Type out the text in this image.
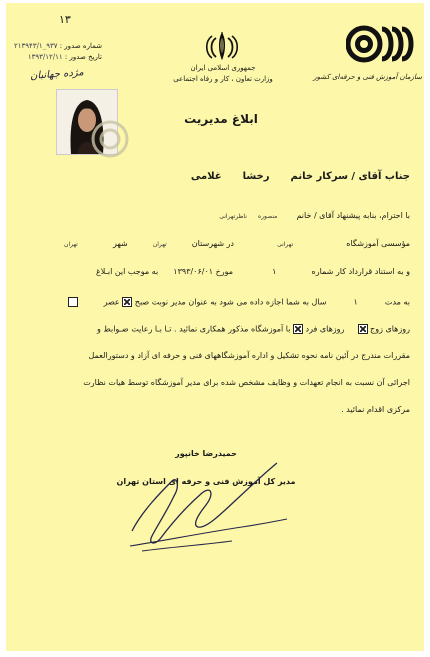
١٣
شماره صدور : ۹۳۷_۲۱۳۹۴۳/۱
تاریخ صدور : ۱۳۹۳/۱۲/۱۱
مژده جهانبان	جمهوری اسلامی ایران
وزارت تعاون ، کار و رفاه اجتماعی	سازمان آموزش فنی و حرفه‌ای کشور
ابلاغ مدیریت
جناب آقای / سرکار خانم  رخشا  غلامی
با احترام، بنابه پیشنهاد آقای / خانم  منصوره  ناظرتهرانی
مؤسسی آموزشگاه  تهرانی  در شهرستان  تهران  شهر  تهران
و به استناد قرارداد کار شماره  ۱  مورخ ۱۳۹۳/۰۶/۰۱  به موجب این ابـلاغ
به مدت  ۱  سال به شما اجازه داده می شود به عنوان مدیر نوبت صبح  عصر
روزهای زوج   روزهای فرد  با آموزشگاه مذکور همکاری نمائید . تـا بـا رعایت ضـوابط و
مقررات مندرج در آئین نامه نحوه تشکیل و اداره آموزشگاههای فنی و حرفه ای آزاد و دستورالعمل
اجرائی آن نسبت به انجام تعهدات و وظایف مشخص شده برای مدیر آموزشگاه توسط هیات نظارت
مرکزی اقدام نمائید .
حمیدرضا خانپور
مدیر کل آموزش فنی و حرفه ای استان تهران
